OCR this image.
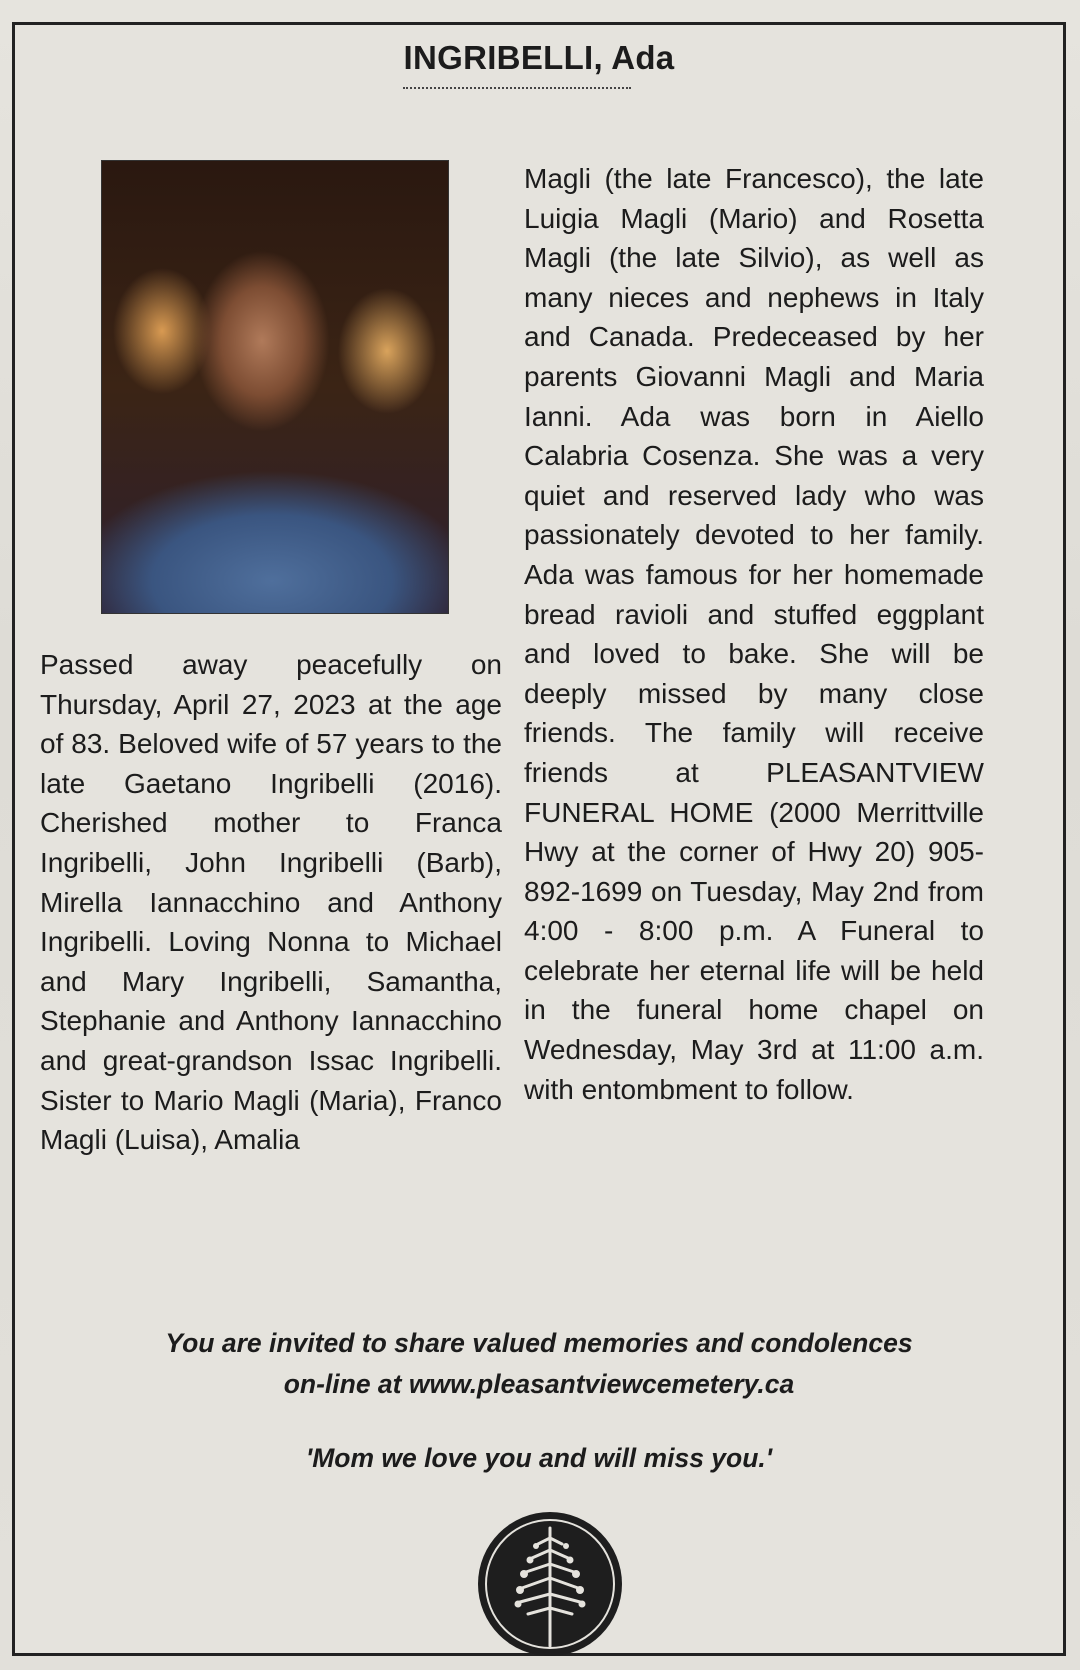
INGRIBELLI, Ada

Passed away peacefully on Thursday, April 27, 2023 at the age of 83. Beloved wife of 57 years to the late Gaetano Ingribelli (2016). Cherished mother to Franca Ingribelli, John Ingribelli (Barb), Mirella Iannacchino and Anthony Ingribelli. Loving Nonna to Michael and Mary Ingribelli, Samantha, Stephanie and Anthony Iannacchino and great-grandson Issac Ingribelli. Sister to Mario Magli (Maria), Franco Magli (Luisa), Amalia

Magli (the late Francesco), the late Luigia Magli (Mario) and Rosetta Magli (the late Silvio), as well as many nieces and nephews in Italy and Canada. Predeceased by her parents Giovanni Magli and Maria Ianni. Ada was born in Aiello Calabria Cosenza. She was a very quiet and reserved lady who was passionately devoted to her family. Ada was famous for her homemade bread ravioli and stuffed eggplant and loved to bake. She will be deeply missed by many close friends. The family will receive friends at PLEASANTVIEW FUNERAL HOME (2000 Merrittville Hwy at the corner of Hwy 20) 905-892-1699 on Tuesday, May 2nd from 4:00 - 8:00 p.m. A Funeral to celebrate her eternal life will be held in the funeral home chapel on Wednesday, May 3rd at 11:00 a.m. with entombment to follow.

You are invited to share valued memories and condolences
on-line at www.pleasantviewcemetery.ca
'Mom we love you and will miss you.'
